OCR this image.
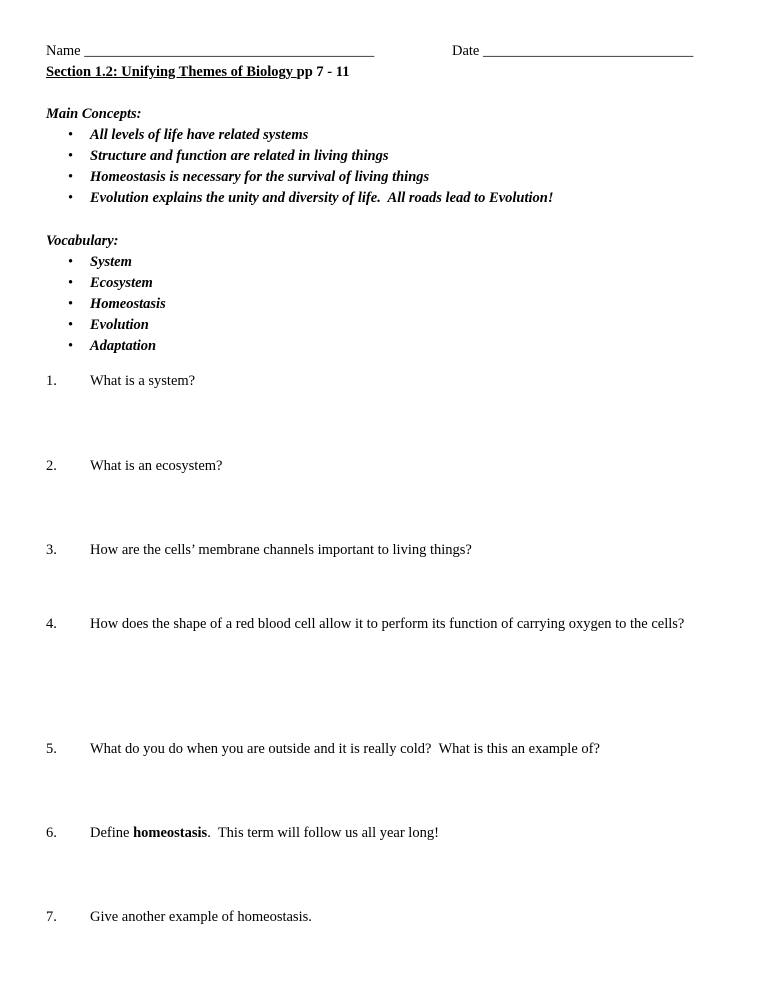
Name ________________________________________	Date _____________________________
Section 1.2: Unifying Themes of Biology pp 7 - 11
Main Concepts:
• All levels of life have related systems
• Structure and function are related in living things
• Homeostasis is necessary for the survival of living things
• Evolution explains the unity and diversity of life.  All roads lead to Evolution!
Vocabulary:
• System
• Ecosystem
• Homeostasis
• Evolution
• Adaptation

1.

What is a system?

2.

What is an ecosystem?

3.

How are the cells’ membrane channels important to living things?

4.

How does the shape of a red blood cell allow it to perform its function of carrying oxygen to the cells?

5.

What do you do when you are outside and it is really cold?  What is this an example of?

6.

Define homeostasis.  This term will follow us all year long!

7.

Give another example of homeostasis.
